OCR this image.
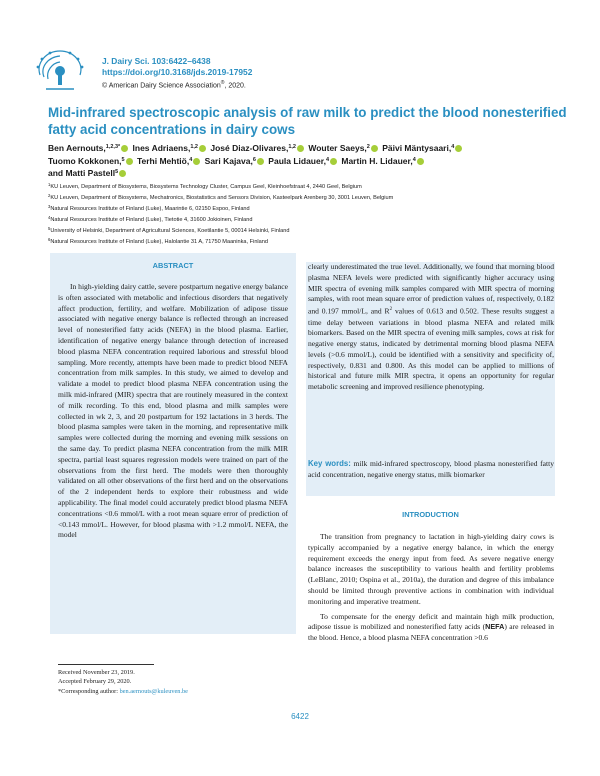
J. Dairy Sci. 103:6422–6438
https://doi.org/10.3168/jds.2019-17952
© American Dairy Science Association®, 2020.
Mid-infrared spectroscopic analysis of raw milk to predict the blood nonesterified fatty acid concentrations in dairy cows
Ben Aernouts,$^{1,2,3*}$ Ines Adriaens,$^{1,2}$ José Diaz-Olivares,$^{1,2}$ Wouter Saeys,$^2$ Päivi Mäntysaari,$^4$
Tuomo Kokkonen,$^5$ Terhi Mehtiö,$^4$ Sari Kajava,$^6$ Paula Lidauer,$^4$ Martin H. Lidauer,$^4$
and Matti Pastell$^5$
$^1$KU Leuven, Department of Biosystems, Biosystems Technology Cluster, Campus Geel, Kleinhoefstraat 4, 2440 Geel, Belgium
$^2$KU Leuven, Department of Biosystems, Mechatronics, Biostatistics and Sensors Division, Kasteelpark Arenberg 30, 3001 Leuven, Belgium
$^3$Natural Resources Institute of Finland (Luke), Maarintie 6, 02150 Espoo, Finland
$^4$Natural Resources Institute of Finland (Luke), Tietotie 4, 31600 Jokioinen, Finland
$^5$University of Helsinki, Department of Agricultural Sciences, Koetilantie 5, 00014 Helsinki, Finland
$^6$Natural Resources Institute of Finland (Luke), Halolantie 31 A, 71750 Maaninka, Finland
ABSTRACT
In high-yielding dairy cattle, severe postpartum negative energy balance is often associated with metabolic and infectious disorders that negatively affect production, fertility, and welfare. Mobilization of adipose tissue associated with negative energy balance is reflected through an increased level of nonesterified fatty acids (NEFA) in the blood plasma. Earlier, identification of negative energy balance through detection of increased blood plasma NEFA concentration required laborious and stressful blood sampling. More recently, attempts have been made to predict blood NEFA concentration from milk samples. In this study, we aimed to develop and validate a model to predict blood plasma NEFA concentration using the milk mid-infrared (MIR) spectra that are routinely measured in the context of milk recording. To this end, blood plasma and milk samples were collected in wk 2, 3, and 20 postpartum for 192 lactations in 3 herds. The blood plasma samples were taken in the morning, and representative milk samples were collected during the morning and evening milk sessions on the same day. To predict plasma NEFA concentration from the milk MIR spectra, partial least squares regression models were trained on part of the observations from the first herd. The models were then thoroughly validated on all other observations of the first herd and on the observations of the 2 independent herds to explore their robustness and wide applicability. The final model could accurately predict blood plasma NEFA concentrations <0.6 mmol/L with a root mean square error of prediction of <0.143 mmol/L. However, for blood plasma with >1.2 mmol/L NEFA, the model
clearly underestimated the true level. Additionally, we found that morning blood plasma NEFA levels were predicted with significantly higher accuracy using MIR spectra of evening milk samples compared with MIR spectra of morning samples, with root mean square error of prediction values of, respectively, 0.182 and 0.197 mmol/L, and $R^2$ values of 0.613 and 0.502. These results suggest a time delay between variations in blood plasma NEFA and related milk biomarkers. Based on the MIR spectra of evening milk samples, cows at risk for negative energy status, indicated by detrimental morning blood plasma NEFA levels (>0.6 mmol/L), could be identified with a sensitivity and specificity of, respectively, 0.831 and 0.800. As this model can be applied to millions of historical and future milk MIR spectra, it opens an opportunity for regular metabolic screening and improved resilience phenotyping.
Key words: milk mid-infrared spectroscopy, blood plasma nonesterified fatty acid concentration, negative energy status, milk biomarker
INTRODUCTION

The transition from pregnancy to lactation in high-yielding dairy cows is typically accompanied by a negative energy balance, in which the energy requirement exceeds the energy input from feed. As severe negative energy balance increases the susceptibility to various health and fertility problems (LeBlanc, 2010; Ospina et al., 2010a), the duration and degree of this imbalance should be limited through preventive actions in combination with individual monitoring and imperative treatment.

To compensate for the energy deficit and maintain high milk production, adipose tissue is mobilized and nonesterified fatty acids (NEFA) are released in the blood. Hence, a blood plasma NEFA concentration >0.6

Received November 23, 2019.
Accepted February 29, 2020.
*Corresponding author: ben.aernouts@kuleuven.be
6422
